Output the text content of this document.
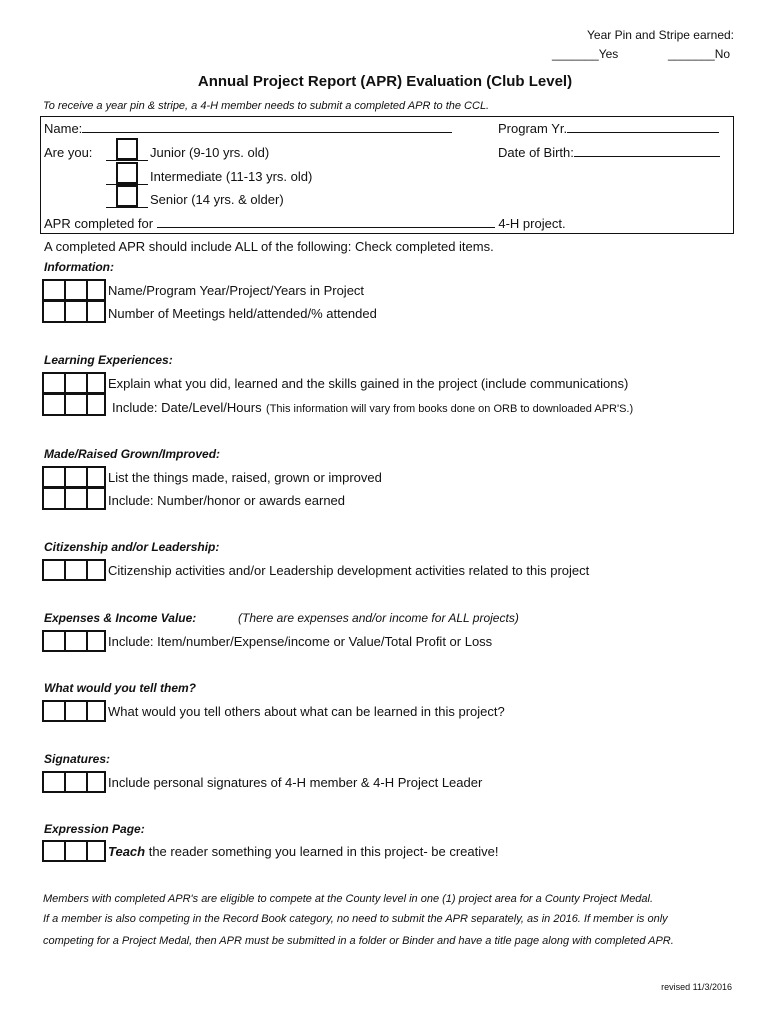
Year Pin and Stripe earned:
_______Yes	_______No
Annual Project Report (APR) Evaluation (Club Level)
To receive a year pin & stripe, a 4-H member needs to submit a completed APR to the CCL.
Name:	Program Yr.
Are you:	Date of Birth:
Junior (9-10 yrs. old)
Intermediate (11-13 yrs. old)
Senior (14 yrs. & older)
APR completed for	4-H project.
A completed APR should include ALL of the following: Check completed items.
Information:
Name/Program Year/Project/Years in Project
Number of Meetings held/attended/% attended
Learning Experiences:
Explain what you did, learned and the skills gained in the project (include communications)
Include: Date/Level/Hours (This information will vary from books done on ORB to downloaded APR'S.)
Made/Raised Grown/Improved:
List the things made, raised, grown or improved
Include: Number/honor or awards earned
Citizenship and/or Leadership:
Citizenship activities and/or Leadership development activities related to this project
Expenses & Income Value:	(There are expenses and/or income for ALL projects)
Include: Item/number/Expense/income or Value/Total Profit or Loss
What would you tell them?
What would you tell others about what can be learned in this project?
Signatures:
Include personal signatures of 4-H member & 4-H Project Leader
Expression Page:
Teach the reader something you learned in this project- be creative!
Members with completed APR's are eligible to compete at the County level in one (1) project area for a County Project Medal.
If a member is also competing in the Record Book category, no need to submit the APR separately, as in 2016. If member is only
competing for a Project Medal, then APR must be submitted in a folder or Binder and have a title page along with completed APR.
revised 11/3/2016
